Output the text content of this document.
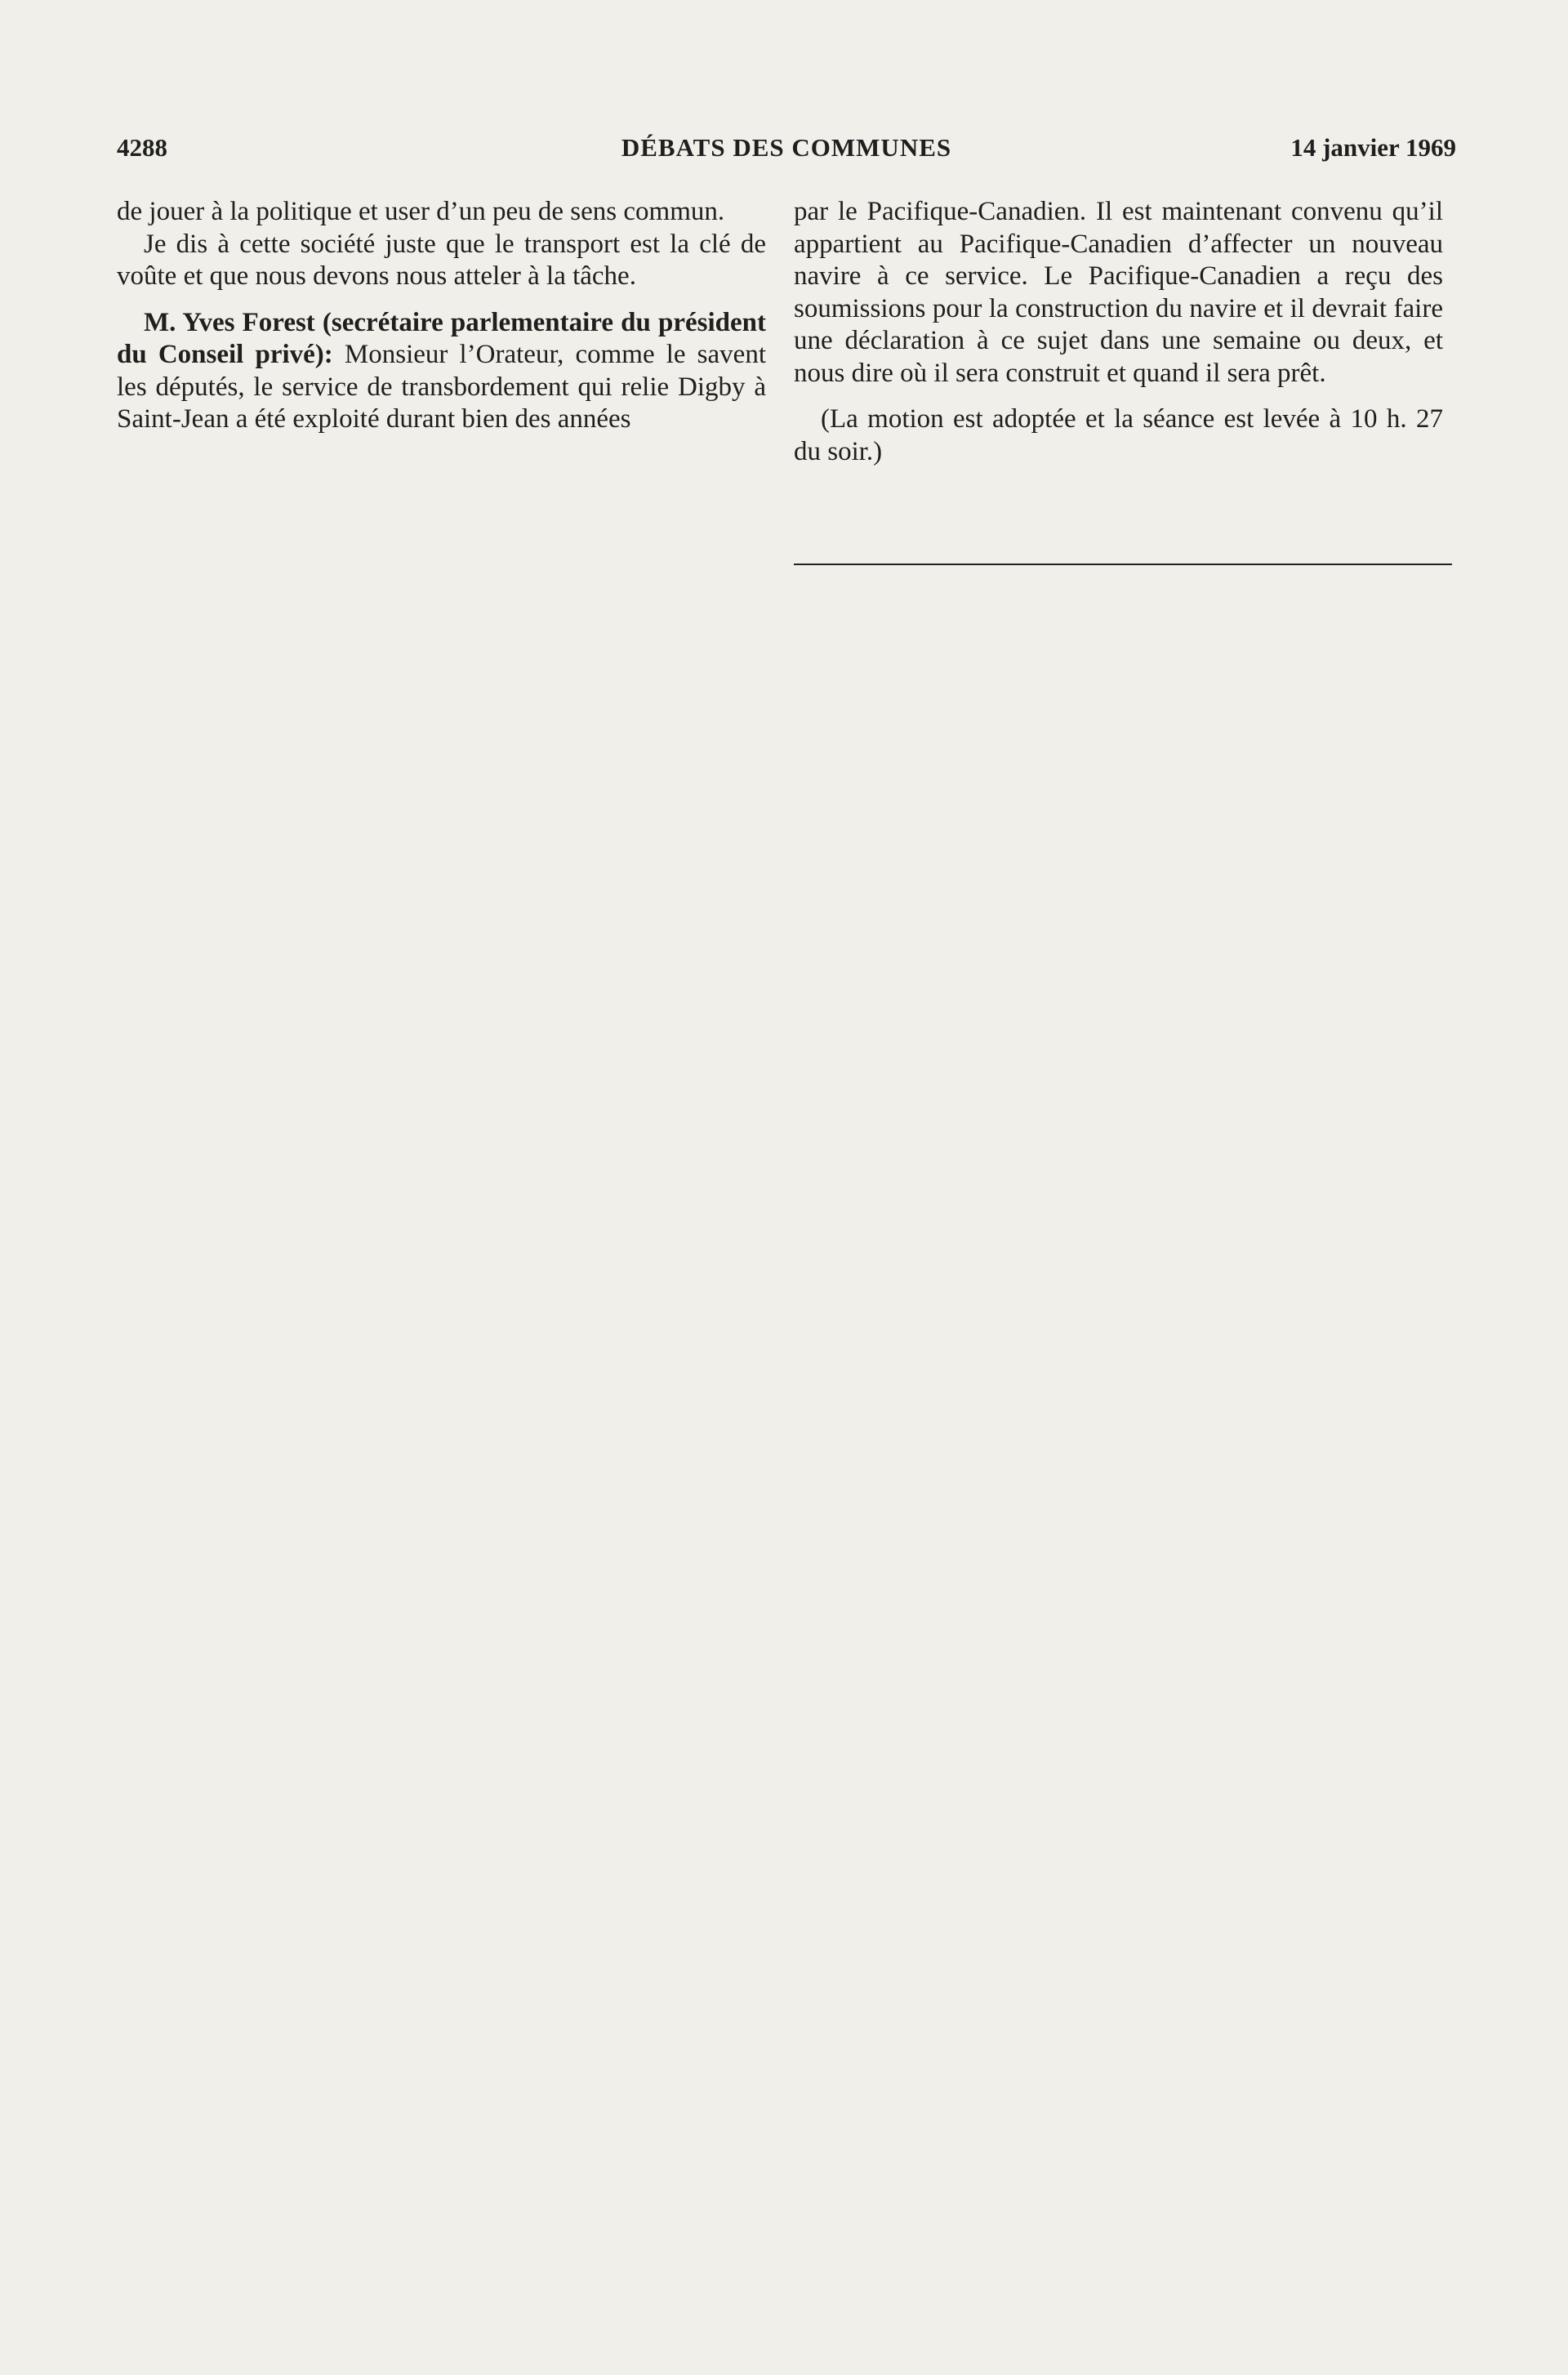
4288	DÉBATS DES COMMUNES	14 janvier 1969

de jouer à la politique et user d’un peu de sens commun.

Je dis à cette société juste que le transport est la clé de voûte et que nous devons nous atteler à la tâche.

M. Yves Forest (secrétaire parlementaire du président du Conseil privé): Monsieur l’Orateur, comme le savent les députés, le service de transbordement qui relie Digby à Saint-Jean a été exploité durant bien des années

par le Pacifique-Canadien. Il est maintenant convenu qu’il appartient au Pacifique-Canadien d’affecter un nouveau navire à ce service. Le Pacifique-Canadien a reçu des soumissions pour la construction du navire et il devrait faire une déclaration à ce sujet dans une semaine ou deux, et nous dire où il sera construit et quand il sera prêt.

(La motion est adoptée et la séance est levée à 10 h. 27 du soir.)
